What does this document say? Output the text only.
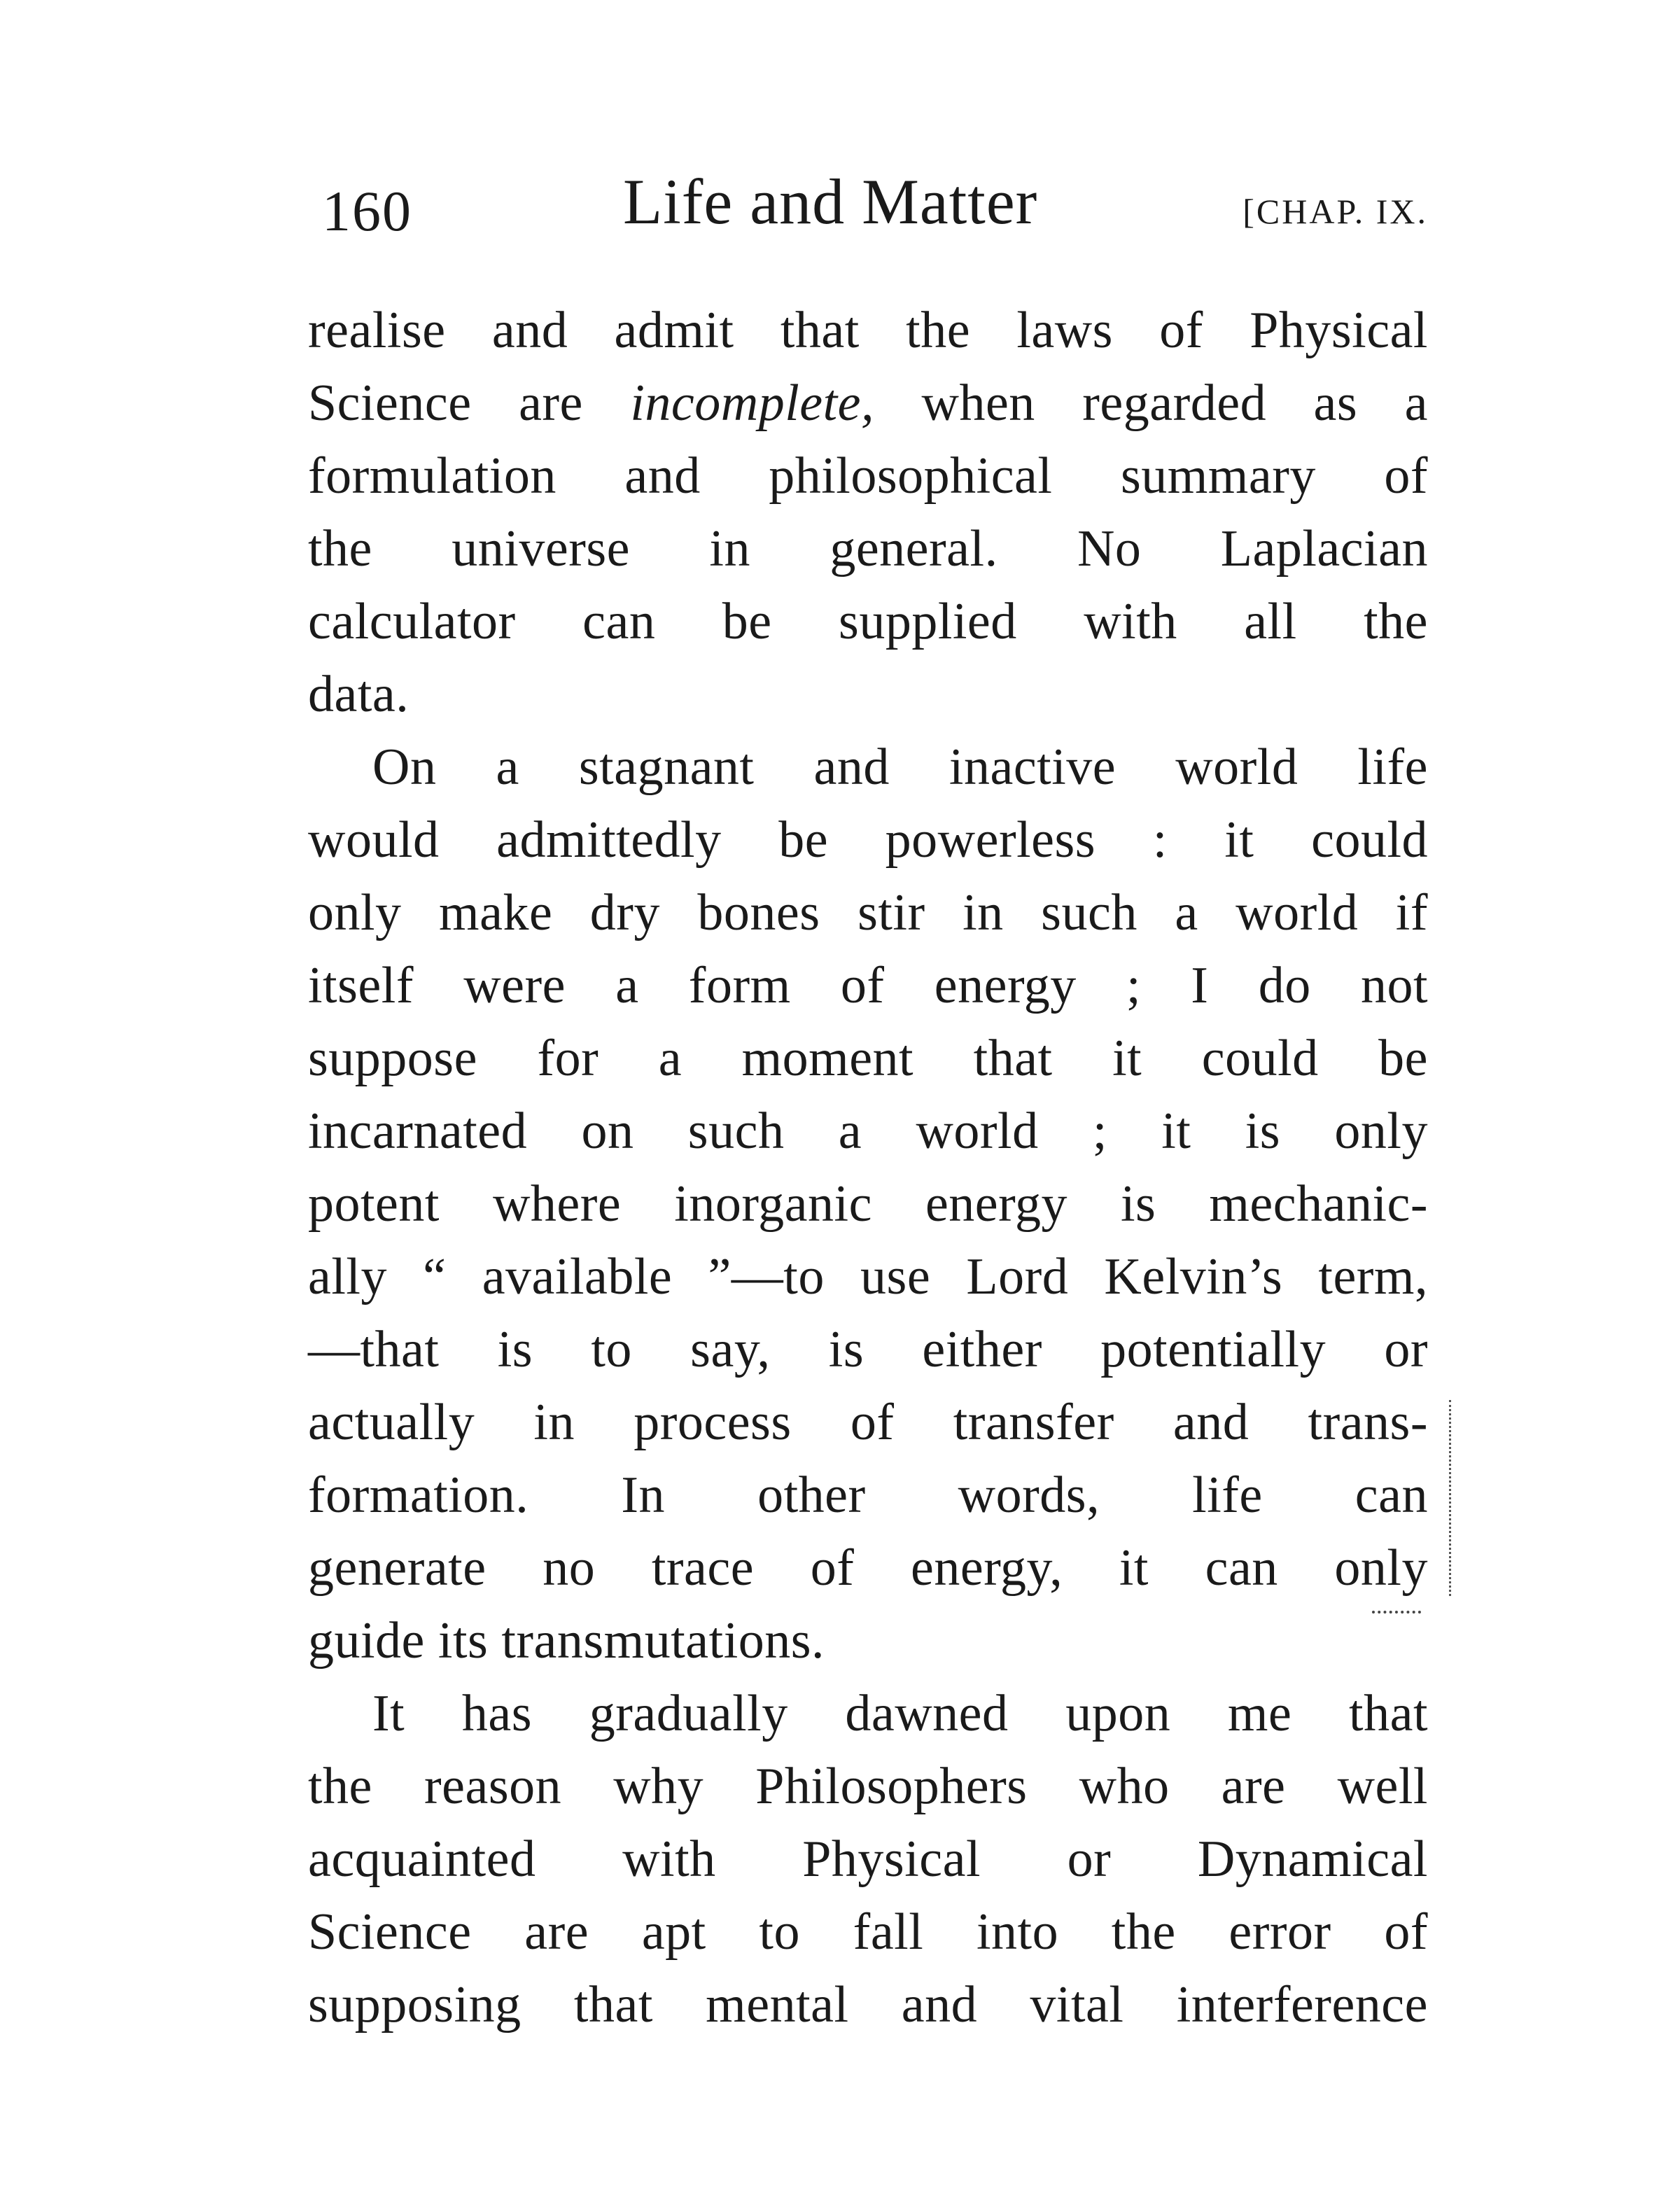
160	Life and Matter	[CHAP. IX.
realise and admit that the laws of Physical
Science are incomplete, when regarded as a
formulation and philosophical summary of
the universe in general. No Laplacian
calculator can be supplied with all the
data.
On a stagnant and inactive world life
would admittedly be powerless : it could
only make dry bones stir in such a world if
itself were a form of energy ; I do not
suppose for a moment that it could be
incarnated on such a world ; it is only
potent where inorganic energy is mechanic-
ally “ available ”—to use Lord Kelvin’s term,
—that is to say, is either potentially or
actually in process of transfer and trans-
formation. In other words, life can
generate no trace of energy, it can only
guide its transmutations.
It has gradually dawned upon me that
the reason why Philosophers who are well
acquainted with Physical or Dynamical
Science are apt to fall into the error of
supposing that mental and vital interference
